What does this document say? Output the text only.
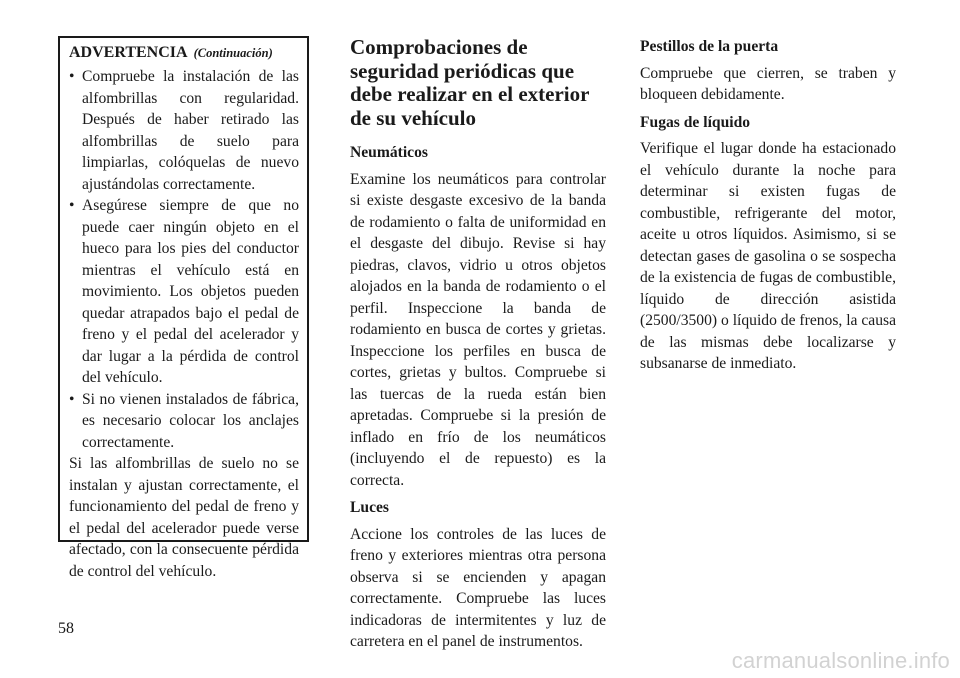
ADVERTENCIA (Continuación)
• Compruebe la instalación de las alfombrillas con regularidad. Después de haber retirado las alfombrillas de suelo para limpiarlas, colóquelas de nuevo ajustándolas correctamente.
• Asegúrese siempre de que no puede caer ningún objeto en el hueco para los pies del conductor mientras el vehículo está en movimiento. Los objetos pueden quedar atrapados bajo el pedal de freno y el pedal del acelerador y dar lugar a la pérdida de control del vehículo.
• Si no vienen instalados de fábrica, es necesario colocar los anclajes correctamente.

Si las alfombrillas de suelo no se instalan y ajustan correctamente, el funcionamiento del pedal de freno y el pedal del acelerador puede verse afectado, con la consecuente pérdida de control del vehículo.

Comprobaciones de seguridad periódicas que debe realizar en el exterior de su vehículo
Neumáticos

Examine los neumáticos para controlar si existe desgaste excesivo de la banda de rodamiento o falta de uniformidad en el desgaste del dibujo. Revise si hay piedras, clavos, vidrio u otros objetos alojados en la banda de rodamiento o el perfil. Inspeccione la banda de rodamiento en busca de cortes y grietas. Inspeccione los perfiles en busca de cortes, grietas y bultos. Compruebe si las tuercas de la rueda están bien apretadas. Compruebe si la presión de inflado en frío de los neumáticos (incluyendo el de repuesto) es la correcta.

Luces

Accione los controles de las luces de freno y exteriores mientras otra persona observa si se encienden y apagan correctamente. Compruebe las luces indicadoras de intermitentes y luz de carretera en el panel de instrumentos.

Pestillos de la puerta

Compruebe que cierren, se traben y bloqueen debidamente.

Fugas de líquido

Verifique el lugar donde ha estacionado el vehículo durante la noche para determinar si existen fugas de combustible, refrigerante del motor, aceite u otros líquidos. Asimismo, si se detectan gases de gasolina o se sospecha de la existencia de fugas de combustible, líquido de dirección asistida (2500/3500) o líquido de frenos, la causa de las mismas debe localizarse y subsanarse de inmediato.

58
carmanualsonline.info
